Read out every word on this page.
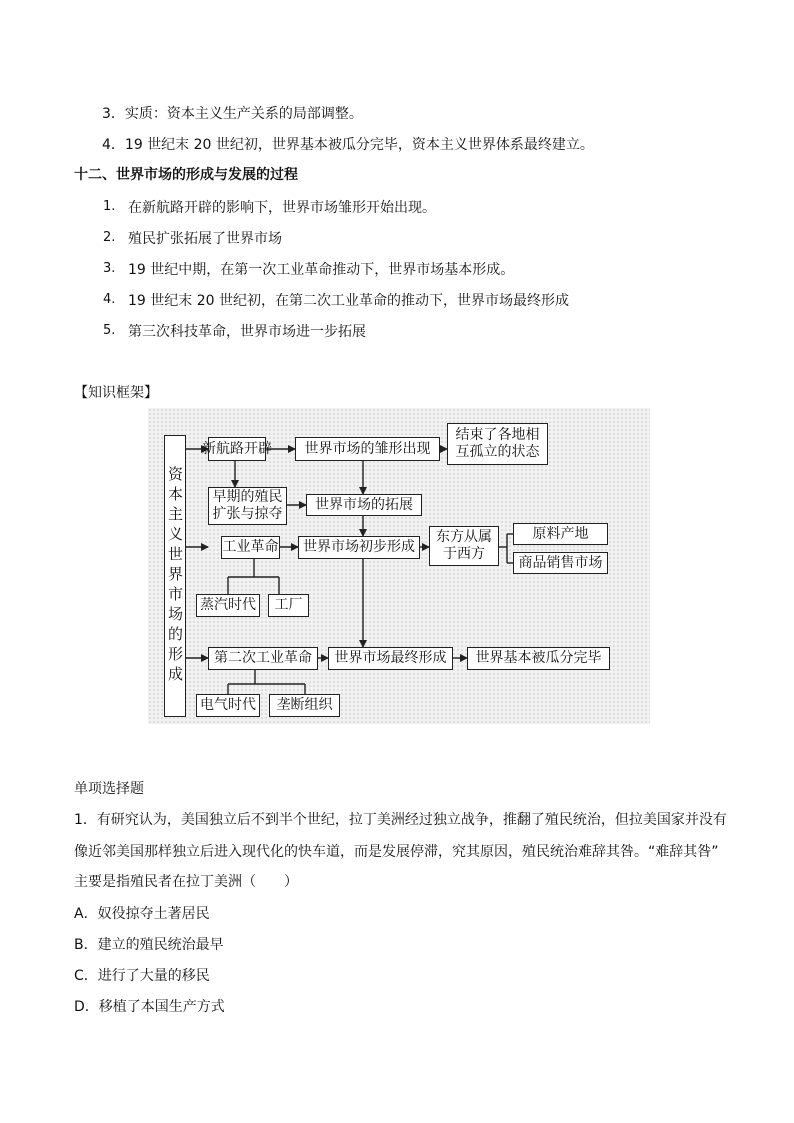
3．实质：资本主义生产关系的局部调整。
4．19 世纪末 20 世纪初，世界基本被瓜分完毕，资本主义世界体系最终建立。
十二、世界市场的形成与发展的过程
1. 在新航路开辟的影响下，世界市场雏形开始出现。
2. 殖民扩张拓展了世界市场
3. 19 世纪中期，在第一次工业革命推动下，世界市场基本形成。
4. 19 世纪末 20 世纪初，在第二次工业革命的推动下，世界市场最终形成
5. 第三次科技革命，世界市场进一步拓展
【知识框架】
资本主义世界市场的形成
新航路开辟	世界市场的雏形出现
结束了各地相
互孤立的状态
早期的殖民
扩张与掠夺
世界市场的拓展
工业革命	世界市场初步形成
东方从属
于西方
原料产地
商品销售市场
蒸汽时代	工厂
第二次工业革命	世界市场最终形成	世界基本被瓜分完毕
电气时代	垄断组织
单项选择题
1．有研究认为，美国独立后不到半个世纪，拉丁美洲经过独立战争，推翻了殖民统治，但拉美国家并没有
像近邻美国那样独立后进入现代化的快车道，而是发展停滞，究其原因，殖民统治难辞其咎。“难辞其咎”
主要是指殖民者在拉丁美洲（　　）
A．奴役掠夺土著居民
B．建立的殖民统治最早
C．进行了大量的移民
D．移植了本国生产方式
